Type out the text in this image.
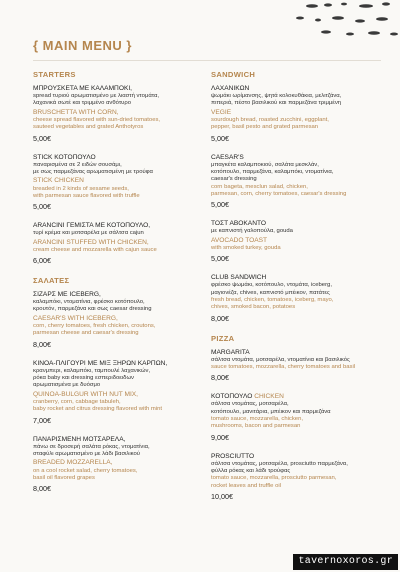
{ MAIN MENU }
STARTERS
ΜΠΡΟΥΣΚΕΤΑ ΜΕ ΚΑΛΑΜΠΟΚΙ,
spread τυριού αρωματισμένο με λιαστή ντομάτα,
λαχανικά σωτέ και τριμμένο ανθότυρο
BRUSCHETTA WITH CORN,
cheese spread flavored with sun-dried tomatoes,
sauteed vegetables and grated Anthotyros
5,00€
STICK ΚΟΤΟΠΟΥΛΟ
παναρισμένα σε 2 ειδών σουσάμι,
με σως παρμεζάνας αρωματισμένη με τρούφα
STICK CHICKEN
breaded in 2 kinds of sesame seeds,
with parmesan sauce flavored with truffle
5,00€
ARANCINI ΓΕΜΙΣΤΑ ΜΕ ΚΟΤΟΠΟΥΛΟ,
τυρί κρέμα και μοτσαρέλα με σάλτσα cajun
ARANCINI STUFFED WITH CHICKEN,
cream cheese and mozzarella with cajun sauce
6,00€
ΣΑΛΑΤΕΣ
ΣΙΖΑΡΣ ΜΕ ICEBERG,
καλαμπόκι, ντοματίνια, φρέσκο κοτόπουλο,
κρουτόν, παρμεζάνα και σως caesar dressing
CAESAR'S WITH ICEBERG,
corn, cherry tomatoes, fresh chicken, croutons,
parmesan cheese and caesar's dressing
8,00€
ΚΙΝΟΑ-ΠΛΙΓΟΥΡΙ ΜΕ ΜΙΞ ΞΗΡΩΝ ΚΑΡΠΩΝ,
κρανμπερι, καλαμπόκι, ταμπουλέ λαχανικών,
ρόκα baby και dressing εσπεριδοειδων
αρωματισμένα με δυόσμο
QUINOA-BULGUR WITH NUT MIX,
cranberry, corn, cabbage tabuleh,
baby rocket and citrus dressing flavored with mint
7,00€
ΠΑΝΑΡΙΣΜΕΝΗ ΜΟΤΣΑΡΕΛΑ,
πάνω σε δροσερή σαλάτα ρόκας, ντοματίνια,
σταφύλι αρωματισμένο με λάδι βασιλικού
BREADED MOZZARELLA,
on a cool rocket salad, cherry tomatoes,
basil oil flavored grapes
8,00€
SANDWICH
ΛΑΧΑΝΙΚΩΝ
ψωμάκι ωρίμανσης, ψητά κολοκυθάκια, μελιτζάνα,
πιπεριά, πέστο βασιλικού και παρμεζάνα τριμμένη
VEGIE
sourdough bread, roasted zucchini, eggplant,
pepper, basil pesto and grated parmesan
5,00€
CAESAR'S
μπαγκέτα καλαμποκιού, σαλάτα μεσκλάν,
κοτόπουλο, παρμεζάνα, καλαμπόκι, ντοματίνια,
caesar's dressing
corn bageta, mesclun salad, chicken,
parmesan, corn, cherry tomatoes, caesar's dressing
5,00€
ΤΟΣΤ ΑΒΟΚΑΝΤΟ
με καπνιστή γαλοπούλα, gouda
AVOCADO TOAST
with smoked turkey, gouda
5,00€
CLUB SANDWICH
φρέσκο ψωμάκι, κοτόπουλο, ντομάτα, iceberg,
μαγιονέζα, chives, καπνιστό μπέικον, πατάτες
fresh bread, chicken, tomatoes, iceberg, mayo,
chives, smoked bacon, potatoes
8,00€
PIZZA
MARGARITA
σάλτσα ντομάτα, μοτσαρέλα, ντοματίνια και βασιλικός
sauce tomatoes, mozzarella, cherry tomatoes and basil
8,00€
ΚΟΤΟΠΟΥΛΟ CHICKEN
σάλτσα ντομάτας, μοτσαρέλα,
κοτόπουλο, μανιτάρια, μπέικον και παρμεζάνα
tomato sauce, mozzarella, chicken,
mushrooms, bacon and parmesan
9,00€
PROSCIUTTO
σάλτσα ντομάτας, μοτσαρέλα, prosciutto παρμεζάνα,
φύλλα ρόκας και λάδι τρούφας
tomato sauce, mozzarella, prosciutto parmesan,
rocket leaves and truffle oil
10,00€
tavernoxoros.gr
